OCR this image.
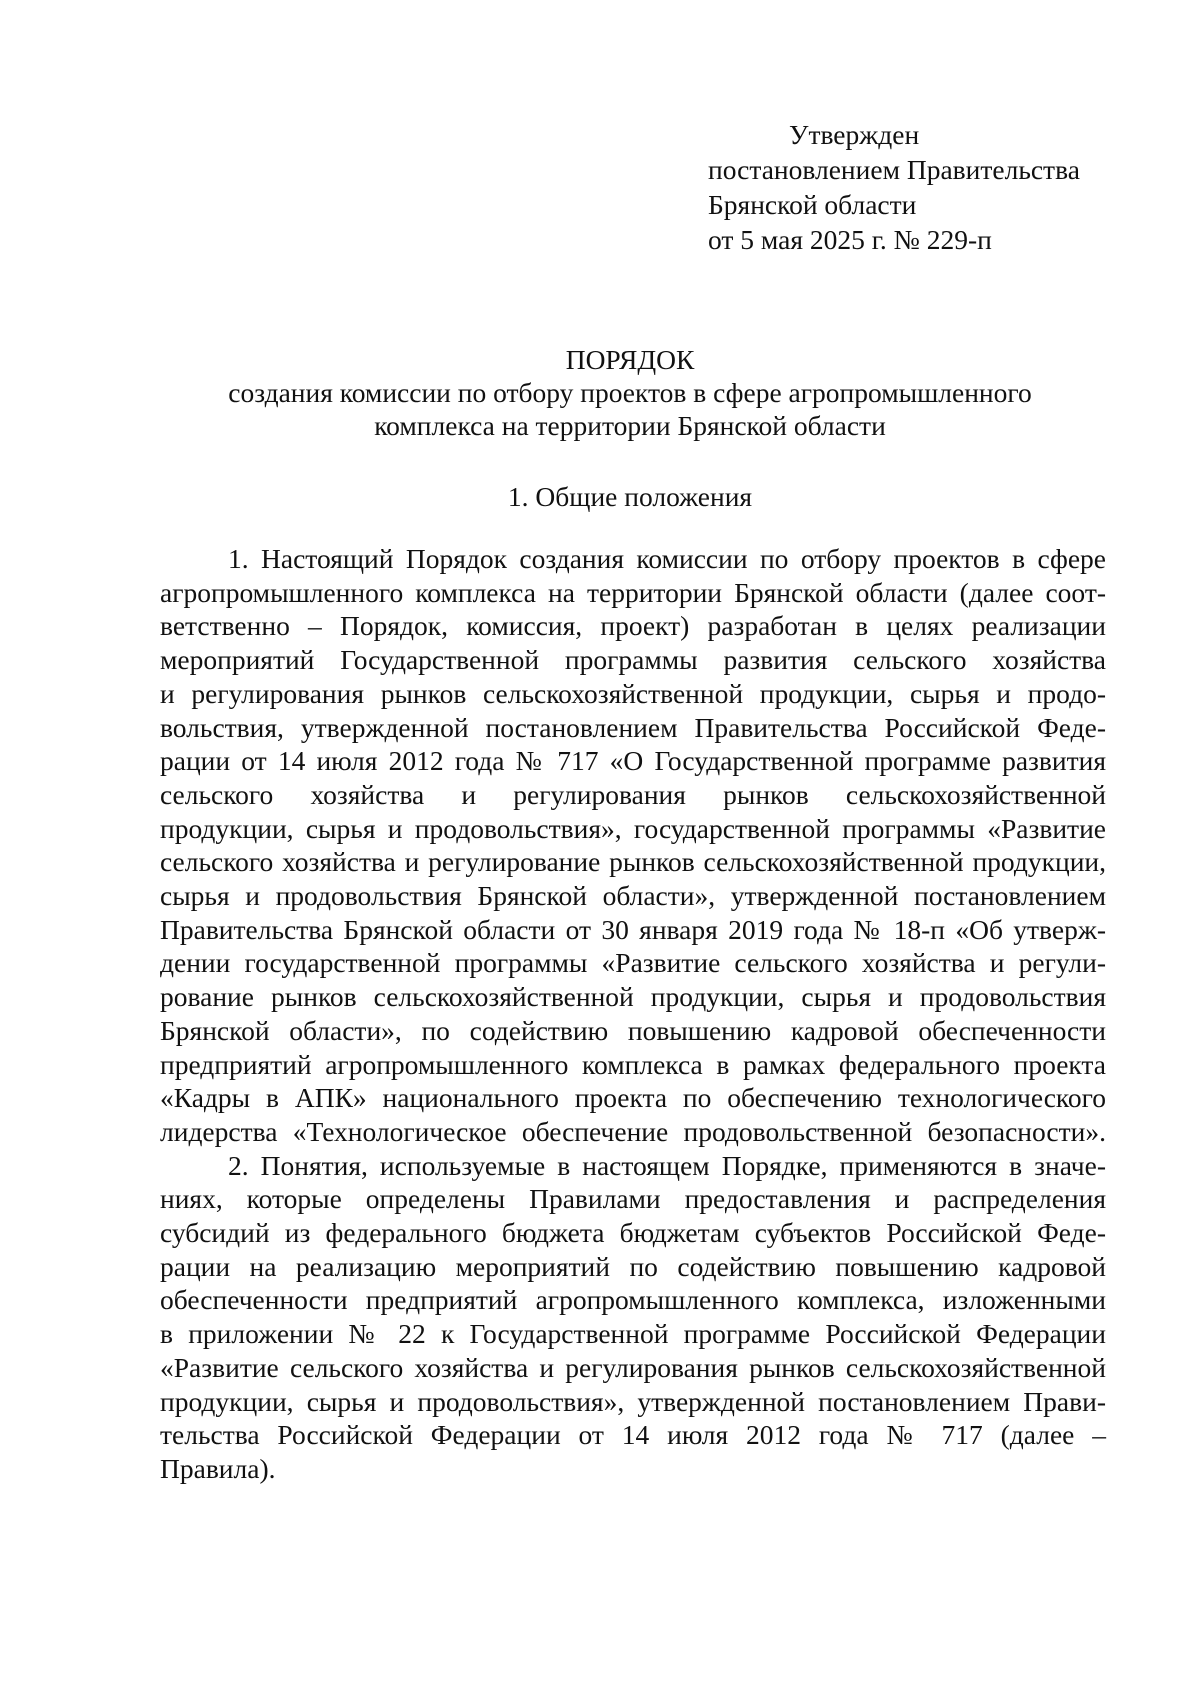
Утвержден
постановлением Правительства
Брянской области
от 5 мая 2025 г. № 229-п
ПОРЯДОК
создания комиссии по отбору проектов в сфере агропромышленного
комплекса на территории Брянской области
1. Общие положения
1. Настоящий Порядок создания комиссии по отбору проектов в сфере
агропромышленного комплекса на территории Брянской области (далее соот-
ветственно – Порядок, комиссия, проект) разработан в целях реализации
мероприятий Государственной программы развития сельского хозяйства
и регулирования рынков сельскохозяйственной продукции, сырья и продо-
вольствия, утвержденной постановлением Правительства Российской Феде-
рации от 14 июля 2012 года № 717 «О Государственной программе развития
сельского хозяйства и регулирования рынков сельскохозяйственной
продукции, сырья и продовольствия», государственной программы «Развитие
сельского хозяйства и регулирование рынков сельскохозяйственной продукции,
сырья и продовольствия Брянской области», утвержденной постановлением
Правительства Брянской области от 30 января 2019 года № 18-п «Об утверж-
дении государственной программы «Развитие сельского хозяйства и регули-
рование рынков сельскохозяйственной продукции, сырья и продовольствия
Брянской области», по содействию повышению кадровой обеспеченности
предприятий агропромышленного комплекса в рамках федерального проекта
«Кадры в АПК» национального проекта по обеспечению технологического
лидерства «Технологическое обеспечение продовольственной безопасности».
2. Понятия, используемые в настоящем Порядке, применяются в значе-
ниях, которые определены Правилами предоставления и распределения
субсидий из федерального бюджета бюджетам субъектов Российской Феде-
рации на реализацию мероприятий по содействию повышению кадровой
обеспеченности предприятий агропромышленного комплекса, изложенными
в приложении № 22 к Государственной программе Российской Федерации
«Развитие сельского хозяйства и регулирования рынков сельскохозяйственной
продукции, сырья и продовольствия», утвержденной постановлением Прави-
тельства Российской Федерации от 14 июля 2012 года № 717 (далее –
Правила).
